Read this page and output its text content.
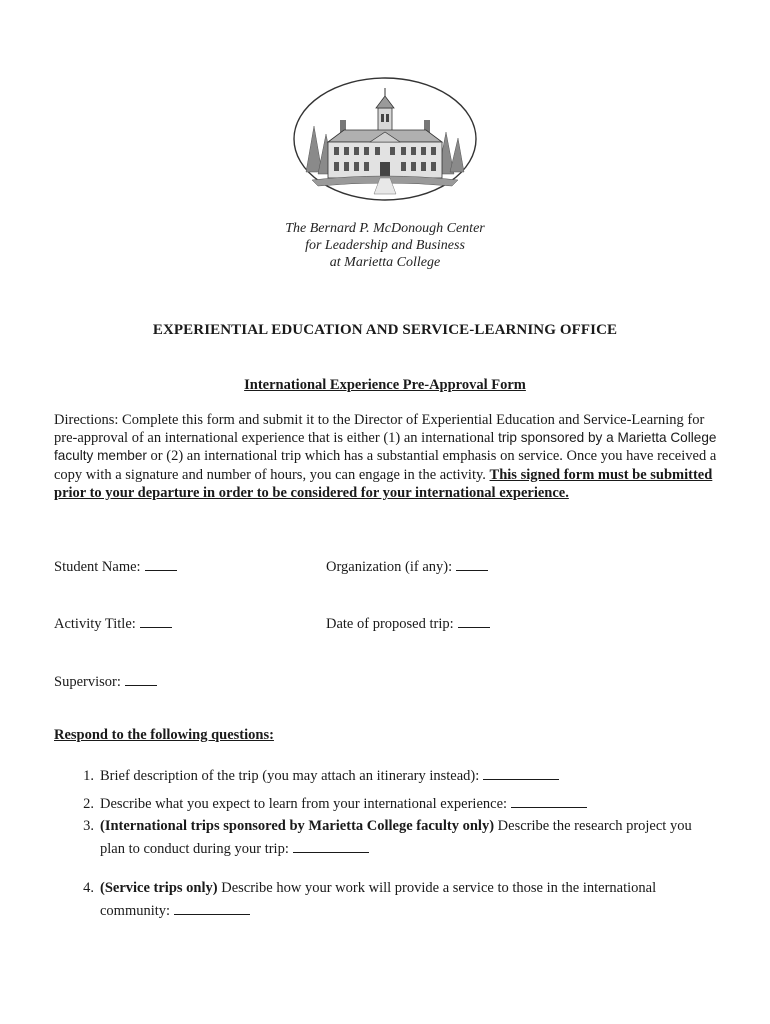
The Bernard P. McDonough Center
for Leadership and Business
at Marietta College
EXPERIENTIAL EDUCATION AND SERVICE-LEARNING OFFICE
International Experience Pre-Approval Form
Directions: Complete this form and submit it to the Director of Experiential Education and Service-Learning for pre-approval of an international experience that is either (1) an international trip sponsored by a Marietta College faculty member or (2) an international trip which has a substantial emphasis on service. Once you have received a copy with a signature and number of hours, you can engage in the activity. This signed form must be submitted prior to your departure in order to be considered for your international experience.
Student Name:	Organization (if any):
Activity Title:	Date of proposed trip:
Supervisor:
Respond to the following questions:
1. Brief description of the trip (you may attach an itinerary instead):
2. Describe what you expect to learn from your international experience:
3. (International trips sponsored by Marietta College faculty only) Describe the research project you plan to conduct during your trip:
4. (Service trips only) Describe how your work will provide a service to those in the international community:
